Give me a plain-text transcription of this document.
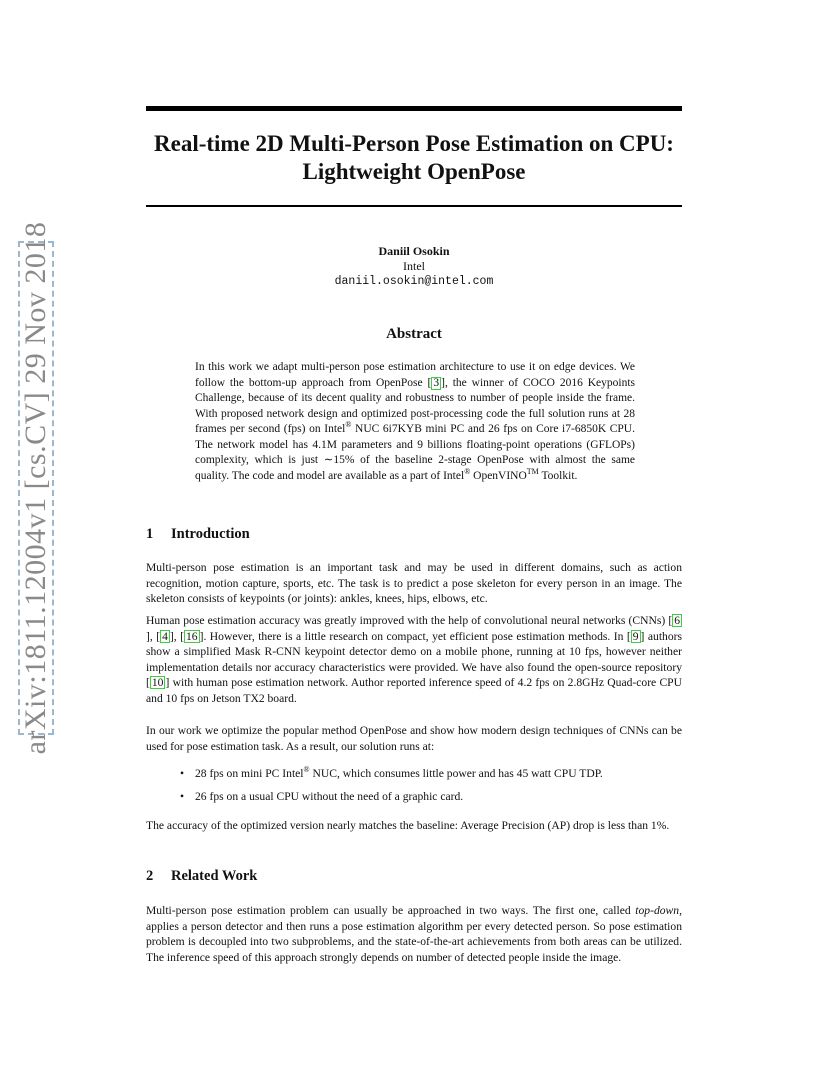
arXiv:1811.12004v1 [cs.CV] 29 Nov 2018
Real-time 2D Multi-Person Pose Estimation on CPU:
Lightweight OpenPose
Daniil Osokin
Intel
daniil.osokin@intel.com
Abstract
In this work we adapt multi-person pose estimation architecture to use it on edge devices. We follow the bottom-up approach from OpenPose [ 3 ], the winner of COCO 2016 Keypoints Challenge, because of its decent quality and robustness to number of people inside the frame. With proposed network design and optimized post-processing code the full solution runs at 28 frames per second (fps) on Intel® NUC 6i7KYB mini PC and 26 fps on Core i7-6850K CPU. The network model has 4.1M parameters and 9 billions floating-point operations (GFLOPs) complexity, which is just ∼15% of the baseline 2-stage OpenPose with almost the same quality. The code and model are available as a part of Intel® OpenVINO™ Toolkit.
1 Introduction
Multi-person pose estimation is an important task and may be used in different domains, such as action recognition, motion capture, sports, etc. The task is to predict a pose skeleton for every person in an image. The skeleton consists of keypoints (or joints): ankles, knees, hips, elbows, etc.
Human pose estimation accuracy was greatly improved with the help of convolutional neural networks (CNNs) [ 6], [ 4 ], [ 16 ]. However, there is a little research on compact, yet efficient pose estimation methods. In [ 9 ] authors show a simplified Mask R-CNN keypoint detector demo on a mobile phone, running at 10 fps, however neither implementation details nor accuracy characteristics were provided. We have also found the open-source repository [ 10 ] with human pose estimation network. Author reported inference speed of 4.2 fps on 2.8GHz Quad-core CPU and 10 fps on Jetson TX2 board.
In our work we optimize the popular method OpenPose and show how modern design techniques of CNNs can be used for pose estimation task. As a result, our solution runs at:
• 28 fps on mini PC Intel® NUC, which consumes little power and has 45 watt CPU TDP.
• 26 fps on a usual CPU without the need of a graphic card.
The accuracy of the optimized version nearly matches the baseline: Average Precision (AP) drop is less than 1%.
2 Related Work
Multi-person pose estimation problem can usually be approached in two ways. The first one, called top-down, applies a person detector and then runs a pose estimation algorithm per every detected person. So pose estimation problem is decoupled into two subproblems, and the state-of-the-art achievements from both areas can be utilized. The inference speed of this approach strongly depends on number of detected people inside the image.
